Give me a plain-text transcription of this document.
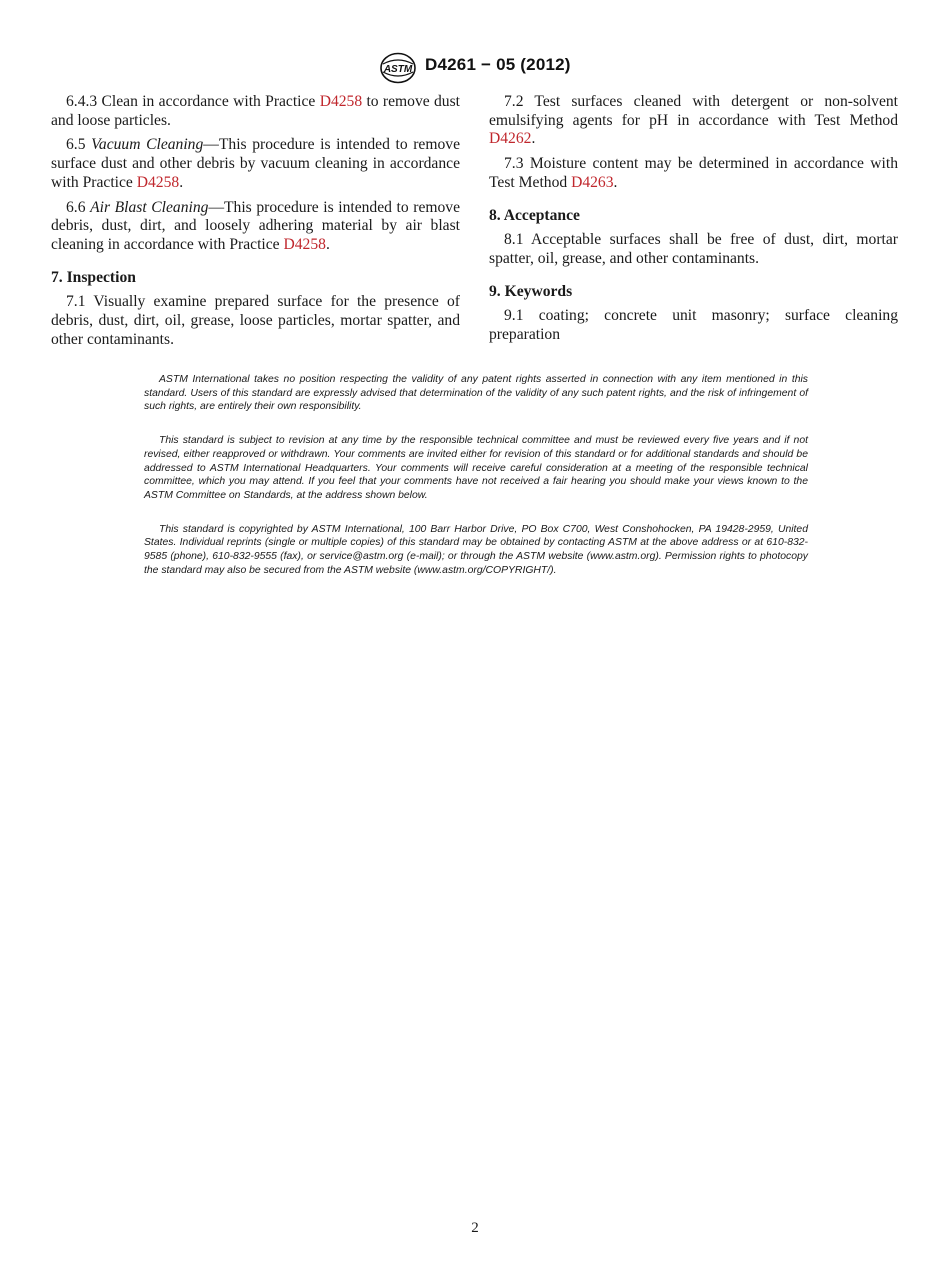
ASTM D4261 − 05 (2012)

6.4.3 Clean in accordance with Practice D4258 to remove dust and loose particles.

6.5 Vacuum Cleaning—This procedure is intended to remove surface dust and other debris by vacuum cleaning in accordance with Practice D4258.

6.6 Air Blast Cleaning—This procedure is intended to remove debris, dust, dirt, and loosely adhering material by air blast cleaning in accordance with Practice D4258.

7. Inspection

7.1 Visually examine prepared surface for the presence of debris, dust, dirt, oil, grease, loose particles, mortar spatter, and other contaminants.

7.2 Test surfaces cleaned with detergent or non-solvent emulsifying agents for pH in accordance with Test Method D4262.

7.3 Moisture content may be determined in accordance with Test Method D4263.

8. Acceptance

8.1 Acceptable surfaces shall be free of dust, dirt, mortar spatter, oil, grease, and other contaminants.

9. Keywords

9.1 coating; concrete unit masonry; surface cleaning preparation

ASTM International takes no position respecting the validity of any patent rights asserted in connection with any item mentioned in this standard. Users of this standard are expressly advised that determination of the validity of any such patent rights, and the risk of infringement of such rights, are entirely their own responsibility.

This standard is subject to revision at any time by the responsible technical committee and must be reviewed every five years and if not revised, either reapproved or withdrawn. Your comments are invited either for revision of this standard or for additional standards and should be addressed to ASTM International Headquarters. Your comments will receive careful consideration at a meeting of the responsible technical committee, which you may attend. If you feel that your comments have not received a fair hearing you should make your views known to the ASTM Committee on Standards, at the address shown below.

This standard is copyrighted by ASTM International, 100 Barr Harbor Drive, PO Box C700, West Conshohocken, PA 19428-2959, United States. Individual reprints (single or multiple copies) of this standard may be obtained by contacting ASTM at the above address or at 610-832-9585 (phone), 610-832-9555 (fax), or service@astm.org (e-mail); or through the ASTM website (www.astm.org). Permission rights to photocopy the standard may also be secured from the ASTM website (www.astm.org/COPYRIGHT/).

2
